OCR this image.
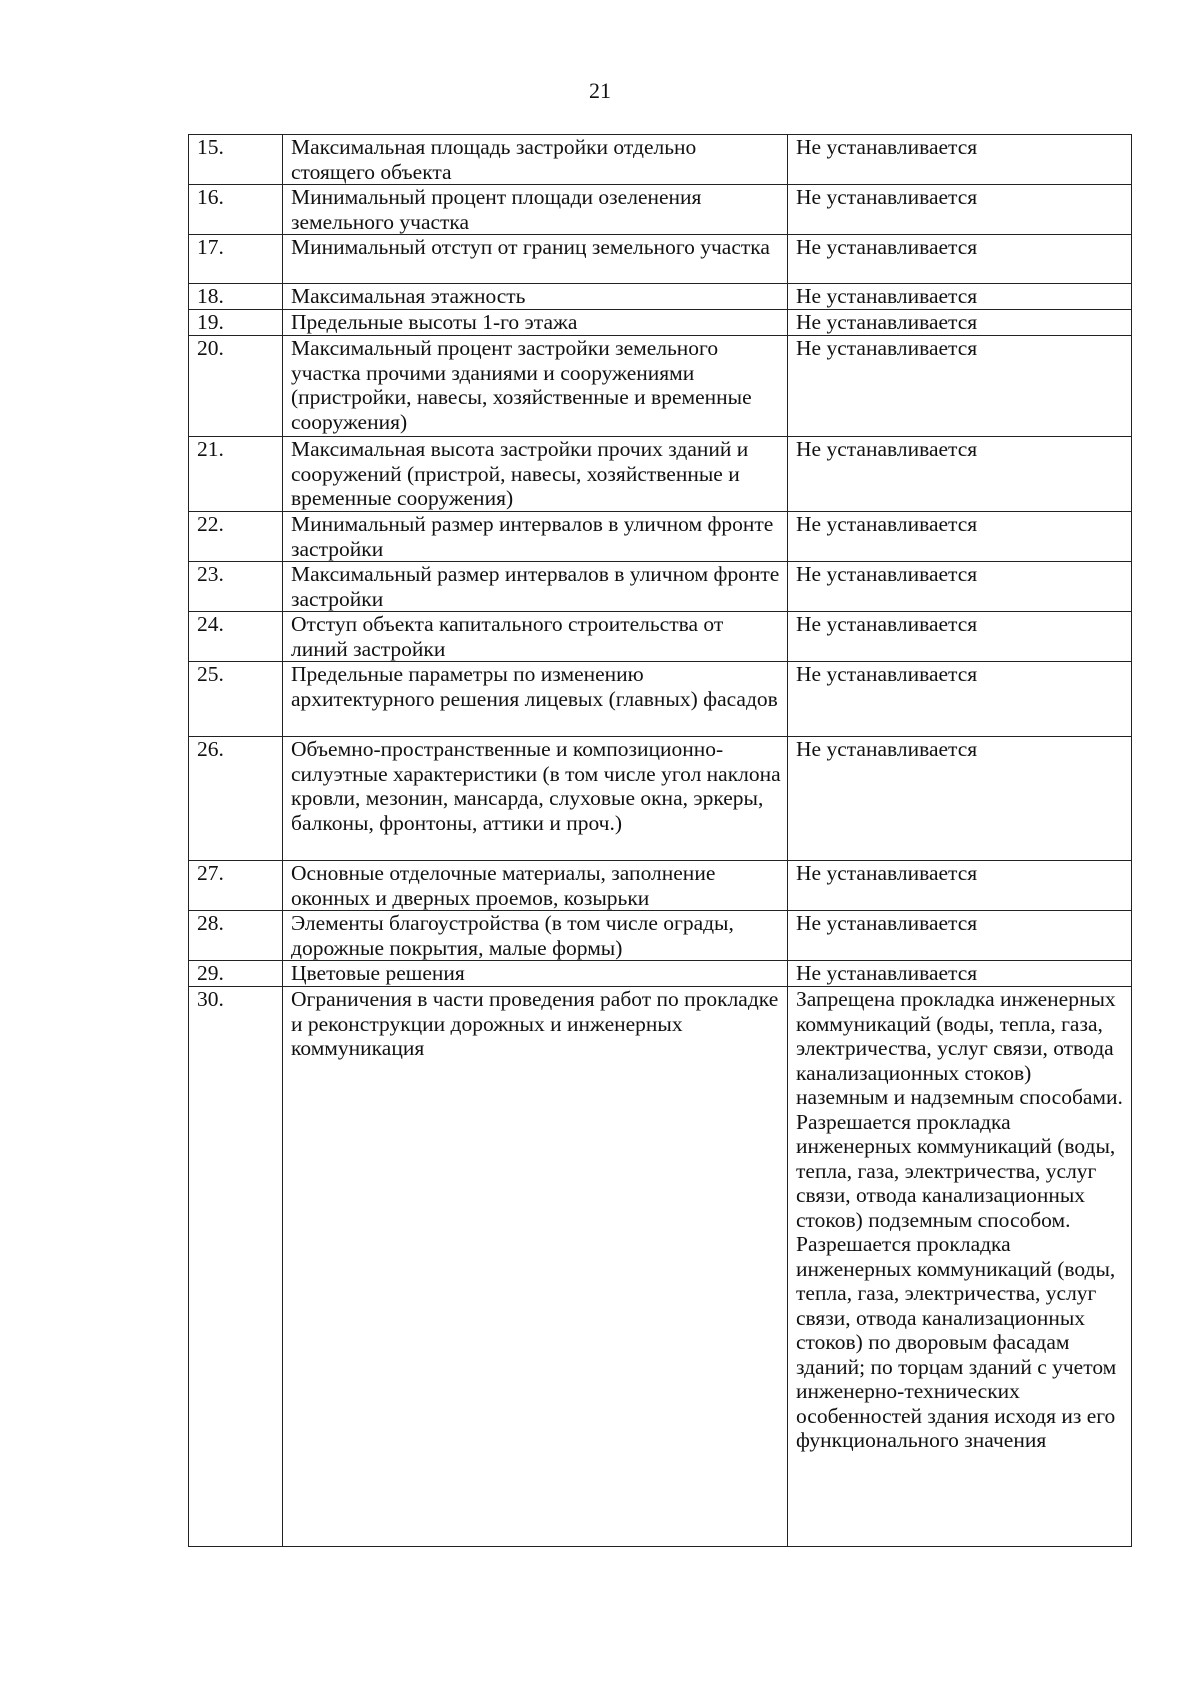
21
15.	Максимальная площадь застройки отдельно стоящего объекта	Не устанавливается
16.	Минимальный процент площади озеленения земельного участка	Не устанавливается
17.	Минимальный отступ от границ земельного участка	Не устанавливается
18.	Максимальная этажность	Не устанавливается
19.	Предельные высоты 1-го этажа	Не устанавливается
20.	Максимальный процент застройки земельного участка прочими зданиями и сооружениями (пристройки, навесы, хозяйственные и временные сооружения)	Не устанавливается
21.	Максимальная высота застройки прочих зданий и сооружений (пристрой, навесы, хозяйственные и временные сооружения)	Не устанавливается
22.	Минимальный размер интервалов в уличном фронте застройки	Не устанавливается
23.	Максимальный размер интервалов в уличном фронте застройки	Не устанавливается
24.	Отступ объекта капитального строительства от линий застройки	Не устанавливается
25.	Предельные параметры по изменению архитектурного решения лицевых (главных) фасадов	Не устанавливается
26.	Объемно-пространственные и композиционно-силуэтные характеристики (в том числе угол наклона кровли, мезонин, мансарда, слуховые окна, эркеры, балконы, фронтоны, аттики и проч.)	Не устанавливается
27.	Основные отделочные материалы, заполнение оконных и дверных проемов, козырьки	Не устанавливается
28.	Элементы благоустройства (в том числе ограды, дорожные покрытия, малые формы)	Не устанавливается
29.	Цветовые решения	Не устанавливается
30.	Ограничения в части проведения работ по прокладке и реконструкции дорожных и инженерных коммуникация	Запрещена прокладка инженерных коммуникаций (воды, тепла, газа, электричества, услуг связи, отвода канализационных стоков) наземным и надземным способами. Разрешается прокладка инженерных коммуникаций (воды, тепла, газа, электричества, услуг связи, отвода канализационных стоков) подземным способом. Разрешается прокладка инженерных коммуникаций (воды, тепла, газа, электричества, услуг связи, отвода канализационных стоков) по дворовым фасадам зданий; по торцам зданий с учетом инженерно-технических особенностей здания исходя из его функционального значения
